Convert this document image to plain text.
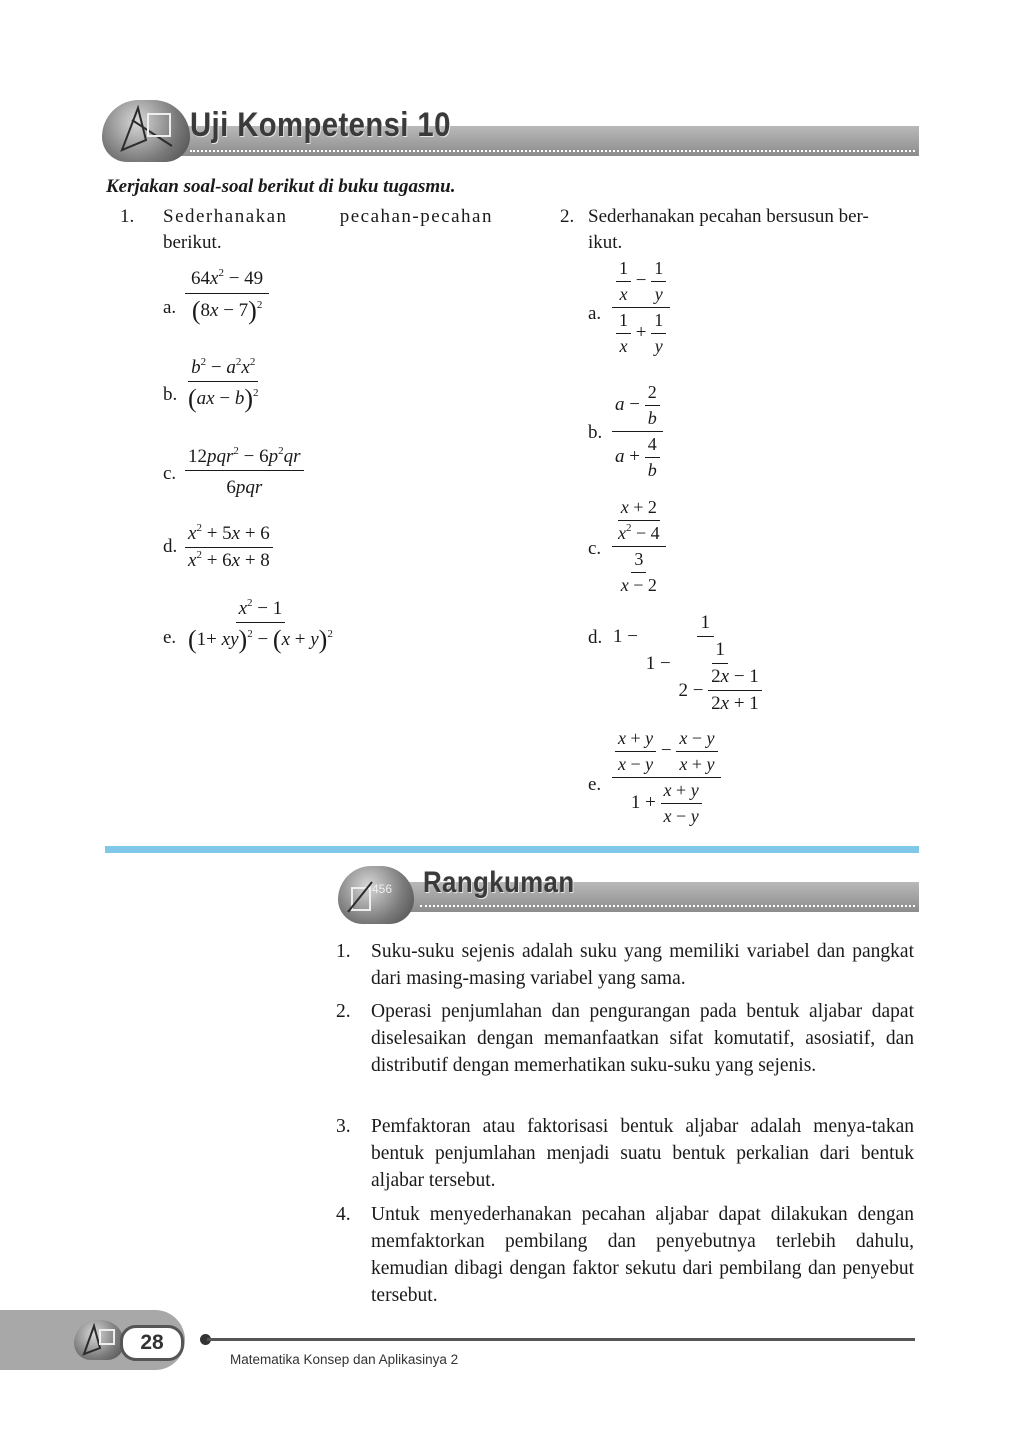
Uji Kompetensi 10
Kerjakan soal-soal berikut di buku tugasmu.
1. Sederhanakan pecahan-pecahan
berikut.
a. $\frac{64x^2 - 49}{(8x - 7)^2}$
b. $\frac{b^2 - a^2x^2}{(ax - b)^2}$
c. $\frac{12pqr^2 - 6p^2qr}{\text{6pqr}}$
d. $\frac{x^2 + 5x + 6}{x^2 + 6x + 8}$
e. $\frac{x^2 - 1}{(1+ xy)^2 - (x + y)^2}$
2. Sederhanakan pecahan bersusun ber-
ikut.
a. $\frac{\frac{1}{x} - \frac{1}{y}}{\frac{1}{x} + \frac{1}{y}}$
b. $\frac{a - \frac{2}{b}}{a + \frac{4}{b}}$
c. $\frac{\frac{x + 2}{x^2 - 4}}{\frac{3}{x - 2}}$
d. 1 −
1
$1 - \frac{1}{2 - \frac{2x - 1}{2x + 1}}$
e. $\frac{\frac{x + y}{x - y} - \frac{x - y}{x + y}}{1 + \frac{x + y}{x - y}}$
456 Rangkuman
1. Suku-suku sejenis adalah suku yang memiliki variabel dan pangkat dari masing-masing variabel yang sama.
2. Operasi penjumlahan dan pengurangan pada bentuk aljabar dapat diselesaikan dengan memanfaatkan sifat komutatif, asosiatif, dan distributif dengan memerhatikan suku-suku yang sejenis.
3. Pemfaktoran atau faktorisasi bentuk aljabar adalah menya-takan bentuk penjumlahan menjadi suatu bentuk perkalian dari bentuk aljabar tersebut.
4. Untuk menyederhanakan pecahan aljabar dapat dilakukan dengan memfaktorkan pembilang dan penyebutnya terlebih dahulu, kemudian dibagi dengan faktor sekutu dari pembilang dan penyebut tersebut.
28
Matematika Konsep dan Aplikasinya 2
